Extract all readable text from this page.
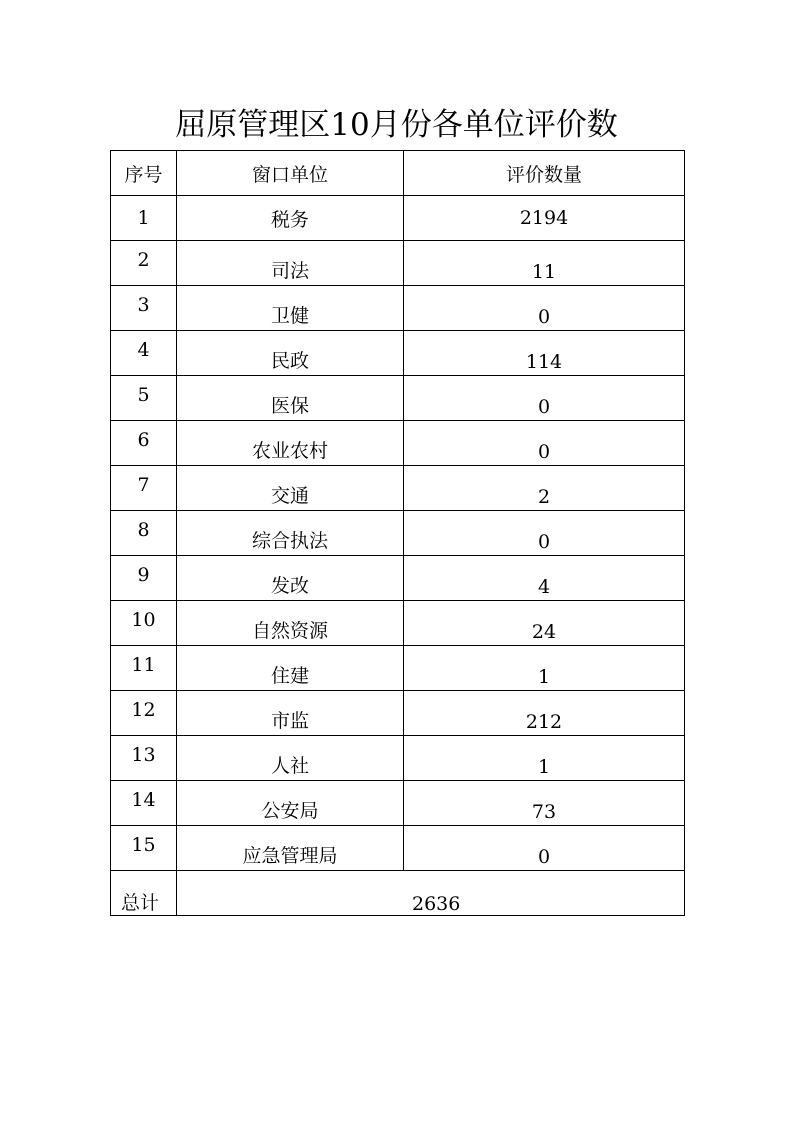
屈原管理区10月份各单位评价数
序号	窗口单位	评价数量
1	税务	2194
2	司法	11
3	卫健	0
4	民政	114
5	医保	0
6	农业农村	0
7	交通	2
8	综合执法	0
9	发改	4
10	自然资源	24
11	住建	1
12	市监	212
13	人社	1
14	公安局	73
15	应急管理局	0
总计	2636	
